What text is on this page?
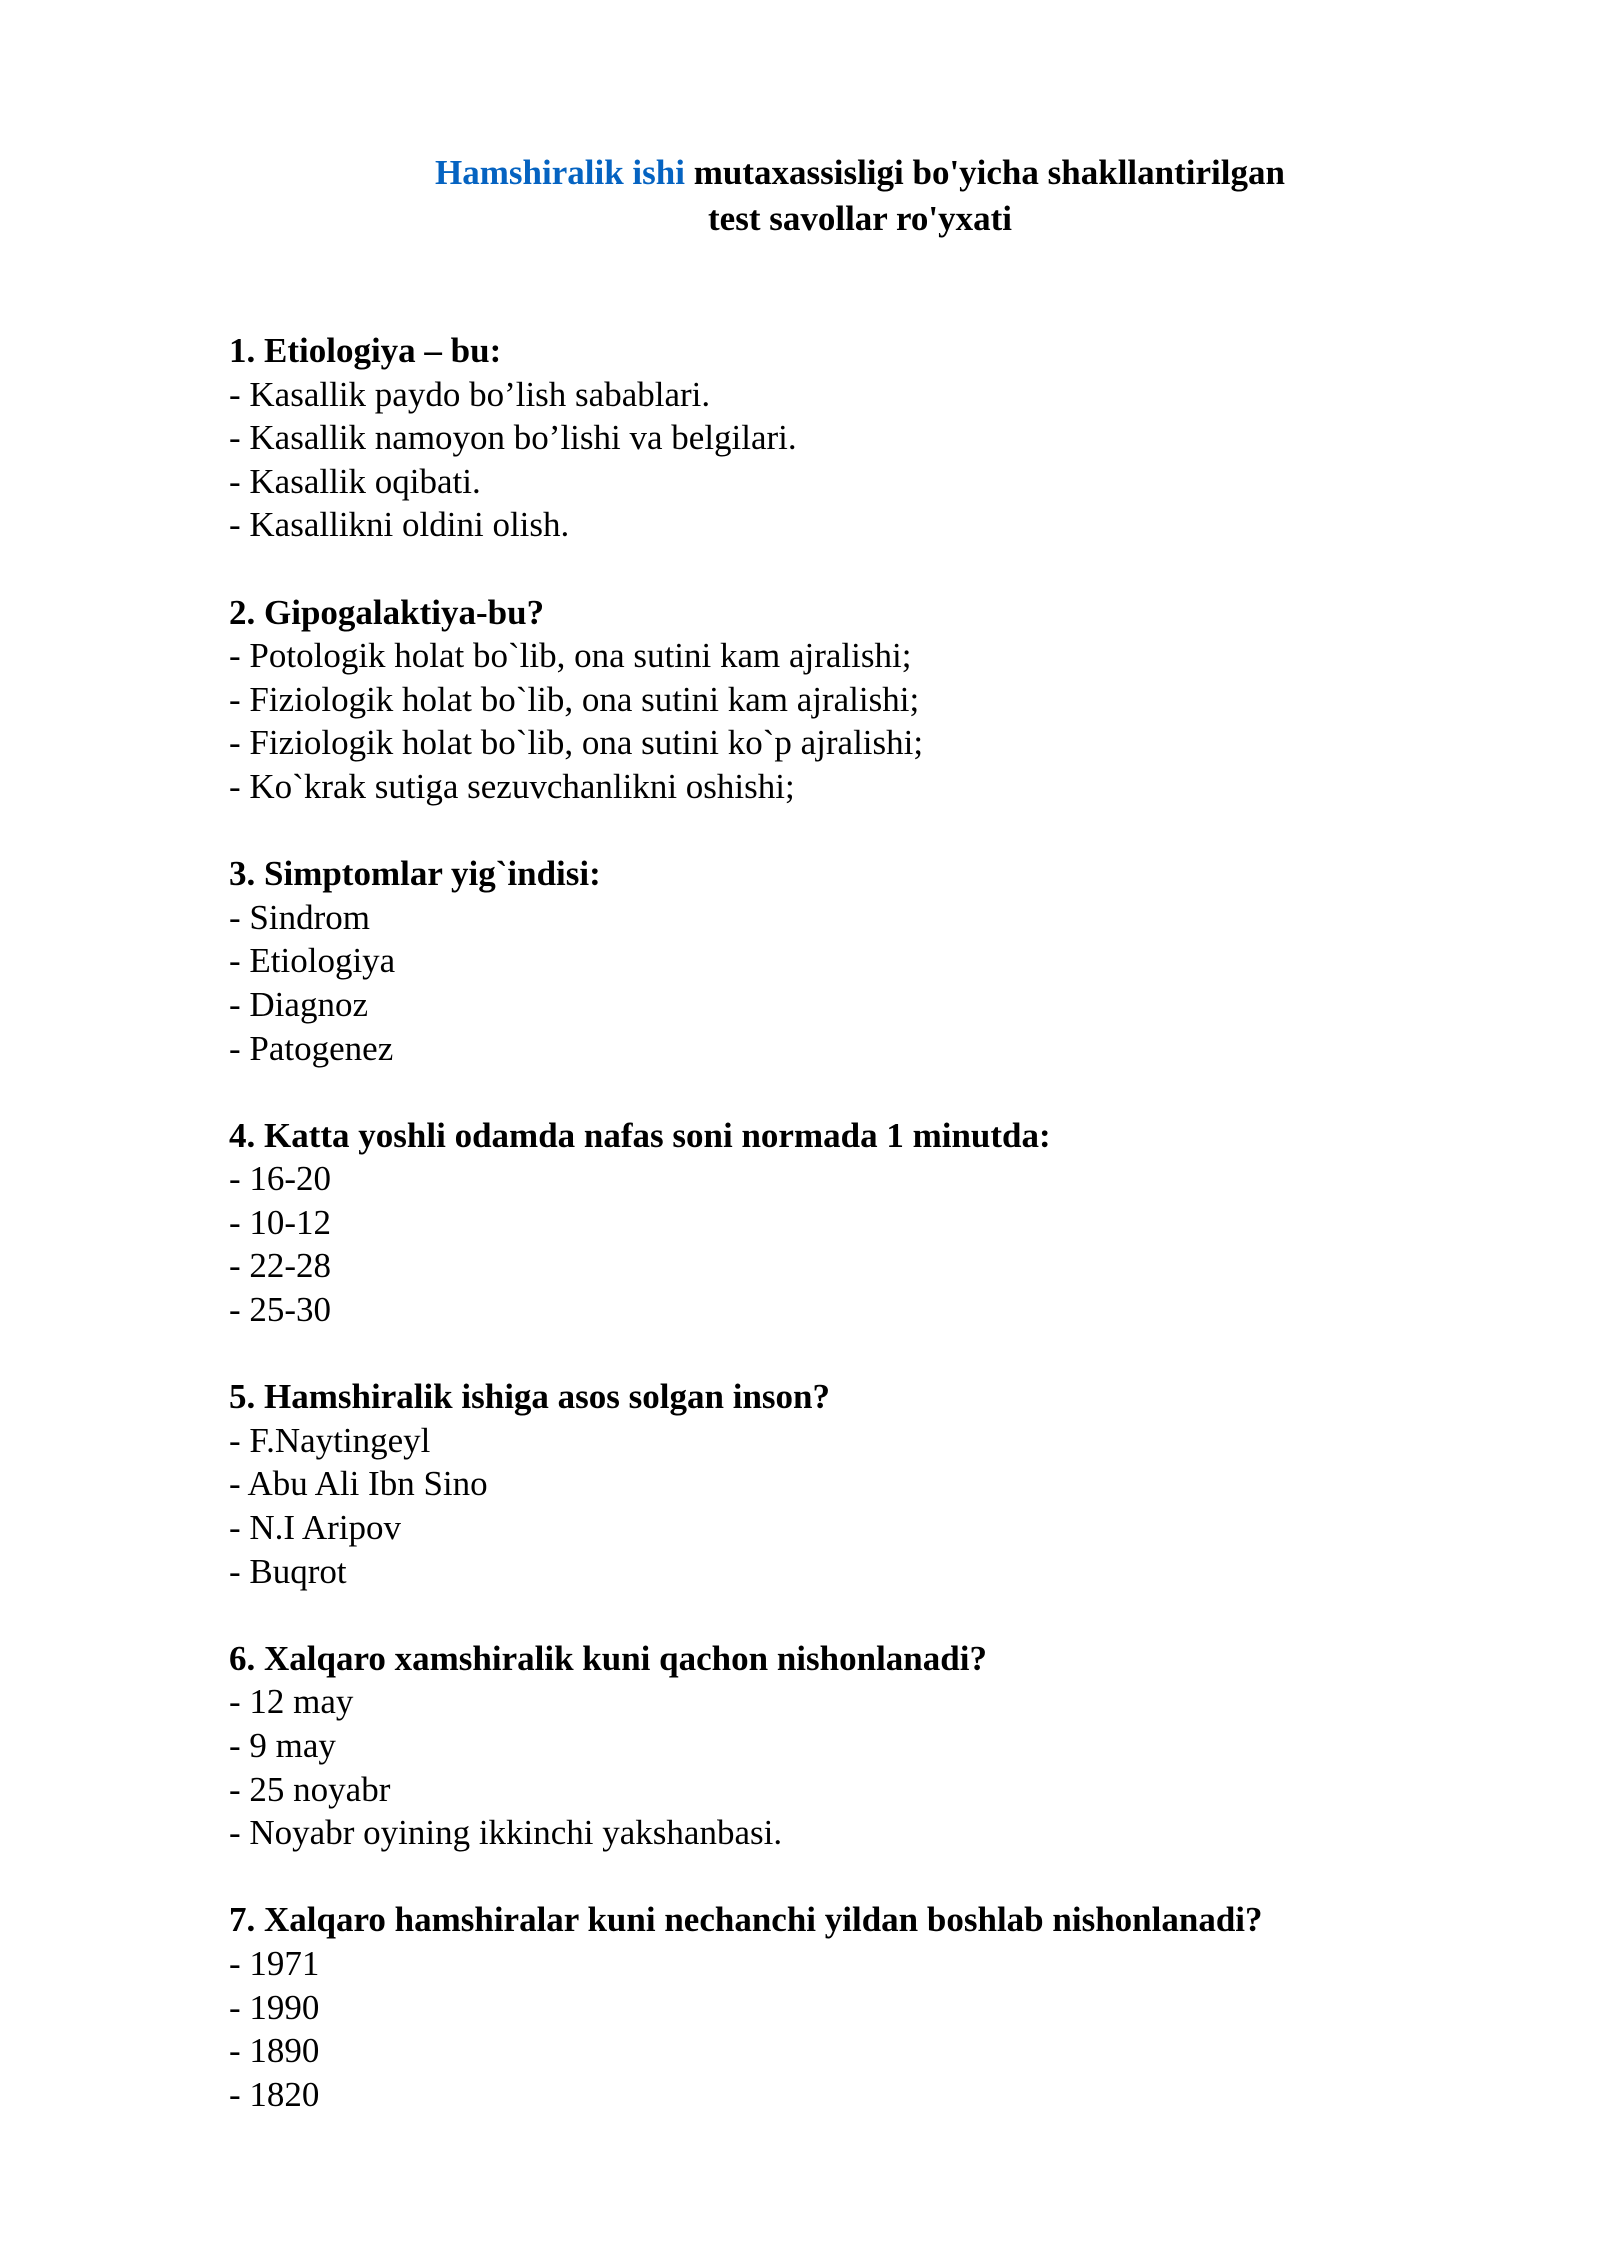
Hamshiralik ishi mutaxassisligi bo'yicha shakllantirilgan
test savollar ro'yxati
1. Etiologiya – bu:
- Kasallik paydo bo’lish sabablari.
- Kasallik namoyon bo’lishi va belgilari.
- Kasallik oqibati.
- Kasallikni oldini olish.
2. Gipogalaktiya-bu?
- Potologik holat bo`lib, ona sutini kam ajralishi;
- Fiziologik holat bo`lib, ona sutini kam ajralishi;
- Fiziologik holat bo`lib, ona sutini ko`p ajralishi;
- Ko`krak sutiga sezuvchanlikni oshishi;
3. Simptomlar yig`indisi:
- Sindrom
- Etiologiya
- Diagnoz
- Patogenez
4. Katta yoshli odamda nafas soni normada 1 minutda:
- 16-20
- 10-12
- 22-28
- 25-30
5. Hamshiralik ishiga asos solgan inson?
- F.Naytingeyl
- Abu Ali Ibn Sino
- N.I Aripov
- Buqrot
6. Xalqaro xamshiralik kuni qachon nishonlanadi?
- 12 may
- 9 may
- 25 noyabr
- Noyabr oyining ikkinchi yakshanbasi.
7. Xalqaro hamshiralar kuni nechanchi yildan boshlab nishonlanadi?
- 1971
- 1990
- 1890
- 1820
